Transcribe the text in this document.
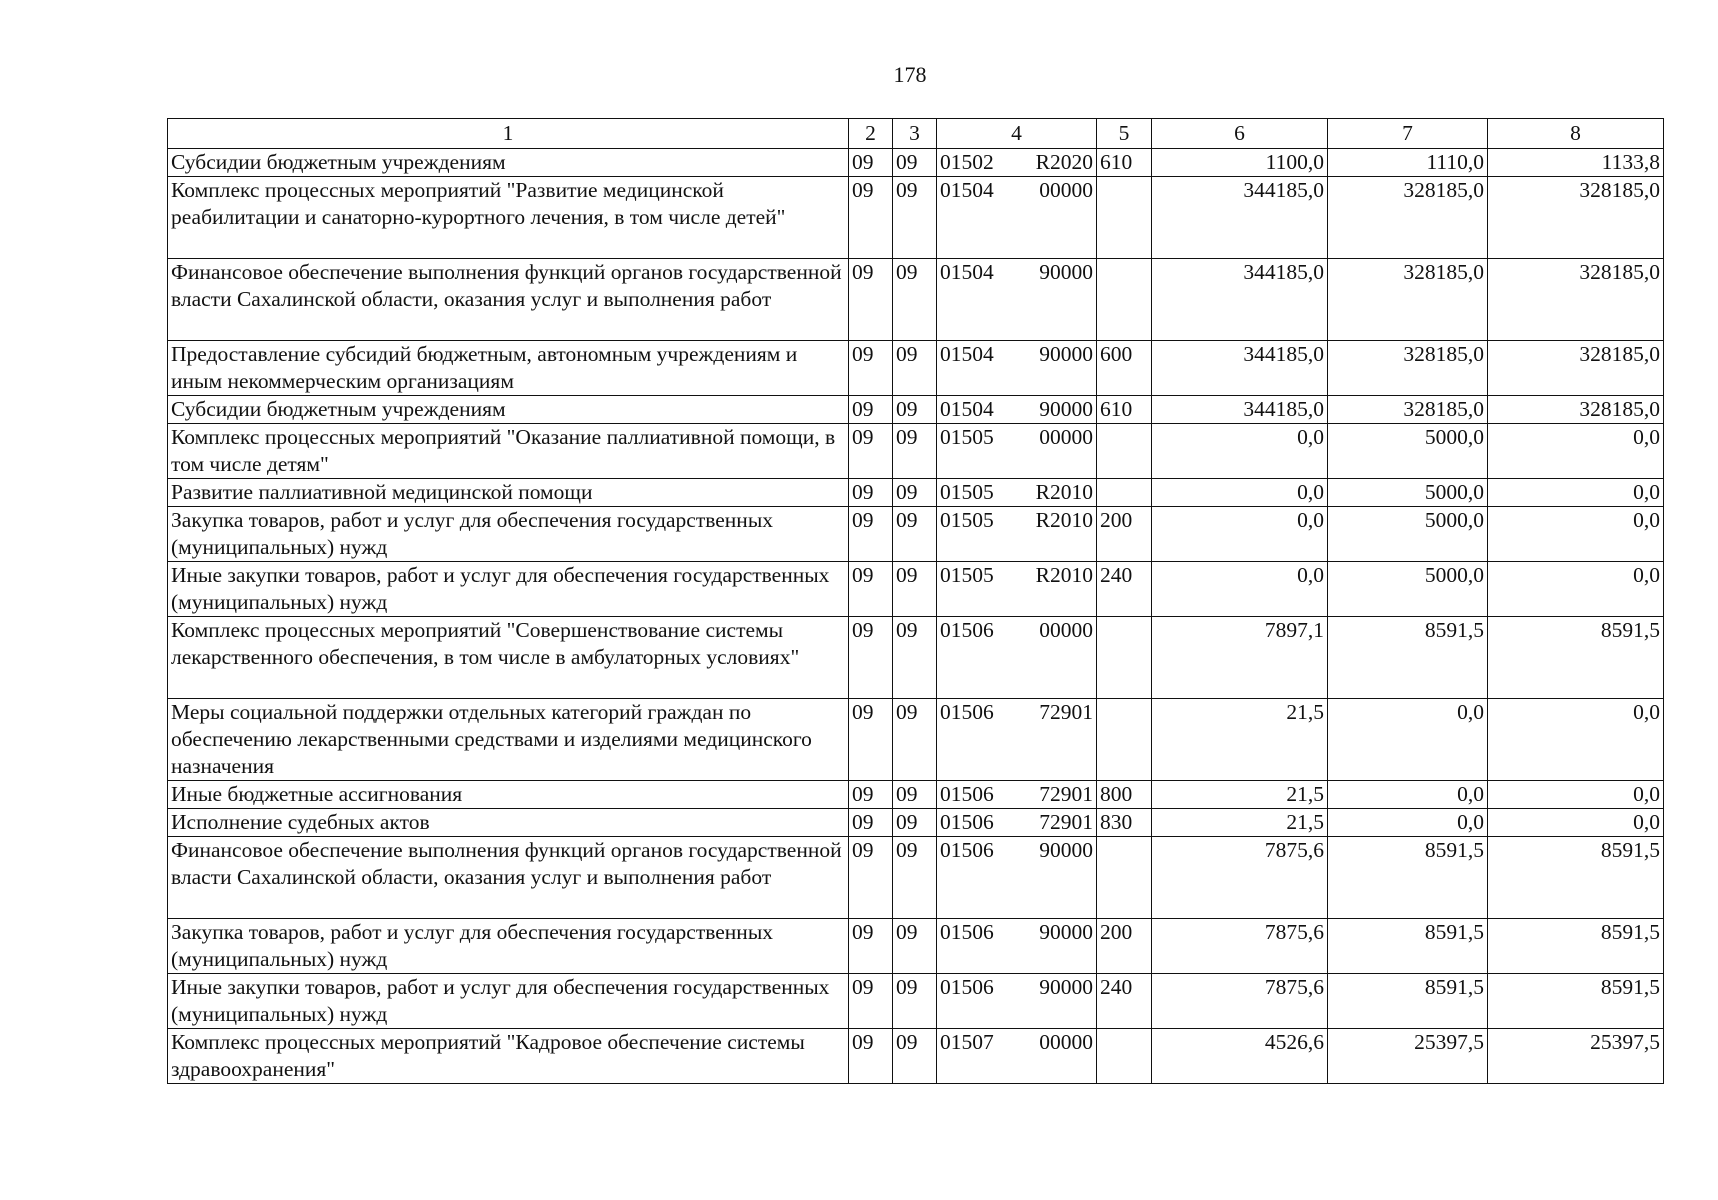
178
1	2	3	4	5	6	7	8
Субсидии бюджетным учреждениям	09	09	01502 R2020	610	1100,0	1110,0	1133,8
Комплекс процессных мероприятий "Развитие медицинской реабилитации и санаторно-курортного лечения, в том числе детей"	09	09	01504 00000		344185,0	328185,0	328185,0
Финансовое обеспечение выполнения функций органов государственной власти Сахалинской области, оказания услуг и выполнения работ	09	09	01504 90000		344185,0	328185,0	328185,0
Предоставление субсидий бюджетным, автономным учреждениям и иным некоммерческим организациям	09	09	01504 90000	600	344185,0	328185,0	328185,0
Субсидии бюджетным учреждениям	09	09	01504 90000	610	344185,0	328185,0	328185,0
Комплекс процессных мероприятий "Оказание паллиативной помощи, в том числе детям"	09	09	01505 00000		0,0	5000,0	0,0
Развитие паллиативной медицинской помощи	09	09	01505 R2010		0,0	5000,0	0,0
Закупка товаров, работ и услуг для обеспечения государственных (муниципальных) нужд	09	09	01505 R2010	200	0,0	5000,0	0,0
Иные закупки товаров, работ и услуг для обеспечения государственных (муниципальных) нужд	09	09	01505 R2010	240	0,0	5000,0	0,0
Комплекс процессных мероприятий "Совершенствование системы лекарственного обеспечения, в том числе в амбулаторных условиях"	09	09	01506 00000		7897,1	8591,5	8591,5
Меры социальной поддержки отдельных категорий граждан по обеспечению лекарственными средствами и изделиями медицинского назначения	09	09	01506 72901		21,5	0,0	0,0
Иные бюджетные ассигнования	09	09	01506 72901	800	21,5	0,0	0,0
Исполнение судебных актов	09	09	01506 72901	830	21,5	0,0	0,0
Финансовое обеспечение выполнения функций органов государственной власти Сахалинской области, оказания услуг и выполнения работ	09	09	01506 90000		7875,6	8591,5	8591,5
Закупка товаров, работ и услуг для обеспечения государственных (муниципальных) нужд	09	09	01506 90000	200	7875,6	8591,5	8591,5
Иные закупки товаров, работ и услуг для обеспечения государственных (муниципальных) нужд	09	09	01506 90000	240	7875,6	8591,5	8591,5
Комплекс процессных мероприятий "Кадровое обеспечение системы здравоохранения"	09	09	01507 00000		4526,6	25397,5	25397,5
